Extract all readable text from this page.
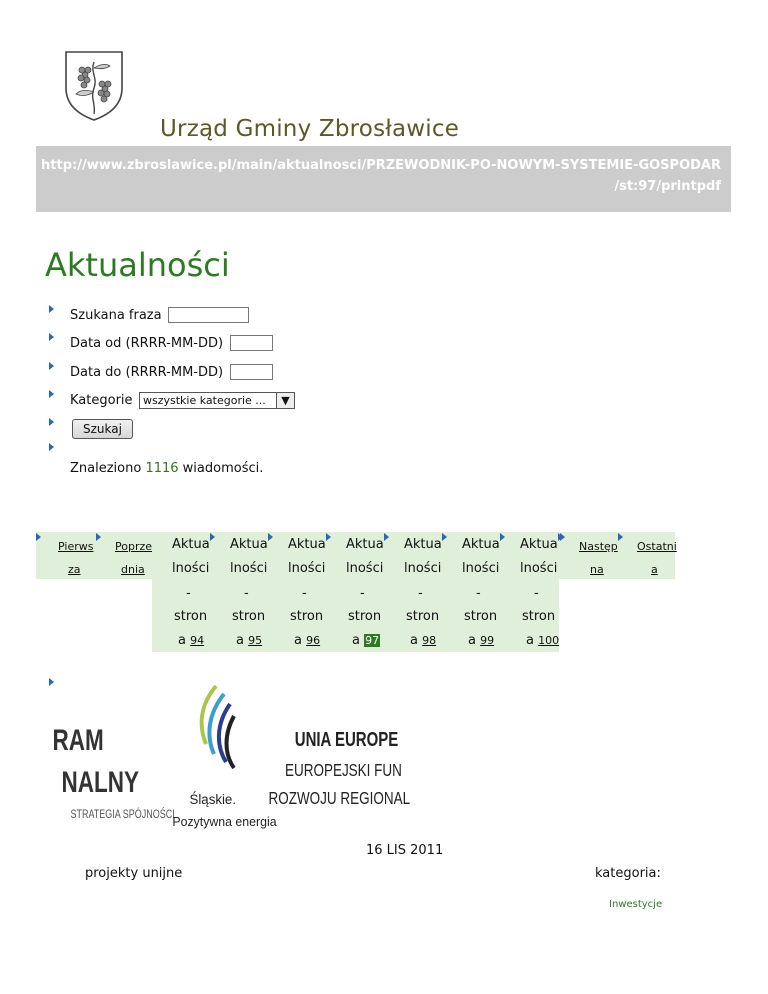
Urząd Gminy Zbrosławice
http://www.zbroslawice.pl/main/aktualnosci/PRZEWODNIK-PO-NOWYM-SYSTEMIE-GOSPODAR
/st:97/printpdf
Aktualności
Szukana fraza
Data od (RRRR-MM-DD)
Data do (RRRR-MM-DD)
Kategorie wszystkie kategorie ...	▼
Szukaj
Znaleziono 1116 wiadomości.
Pierws
za
Poprze
dnia
Aktua
lności
-
stron
a 94
Aktua
lności
-
stron
a 95
Aktua
lności
-
stron
a 96
Aktua
lności
-
stron
a 97
Aktua
lności
-
stron
a 98
Aktua
lności
-
stron
a 99
Aktua
lności
-
stron
a 100
Następ
na
Ostatni
a
RAM
NALNY
STRATEGIA SPÓJNOŚCI
Śląskie.
Pozytywna energia
UNIA EUROPE
EUROPEJSKI FUN
ROZWOJU REGIONAL
16 LIS 2011
projekty unijne	kategoria:
Inwestycje
